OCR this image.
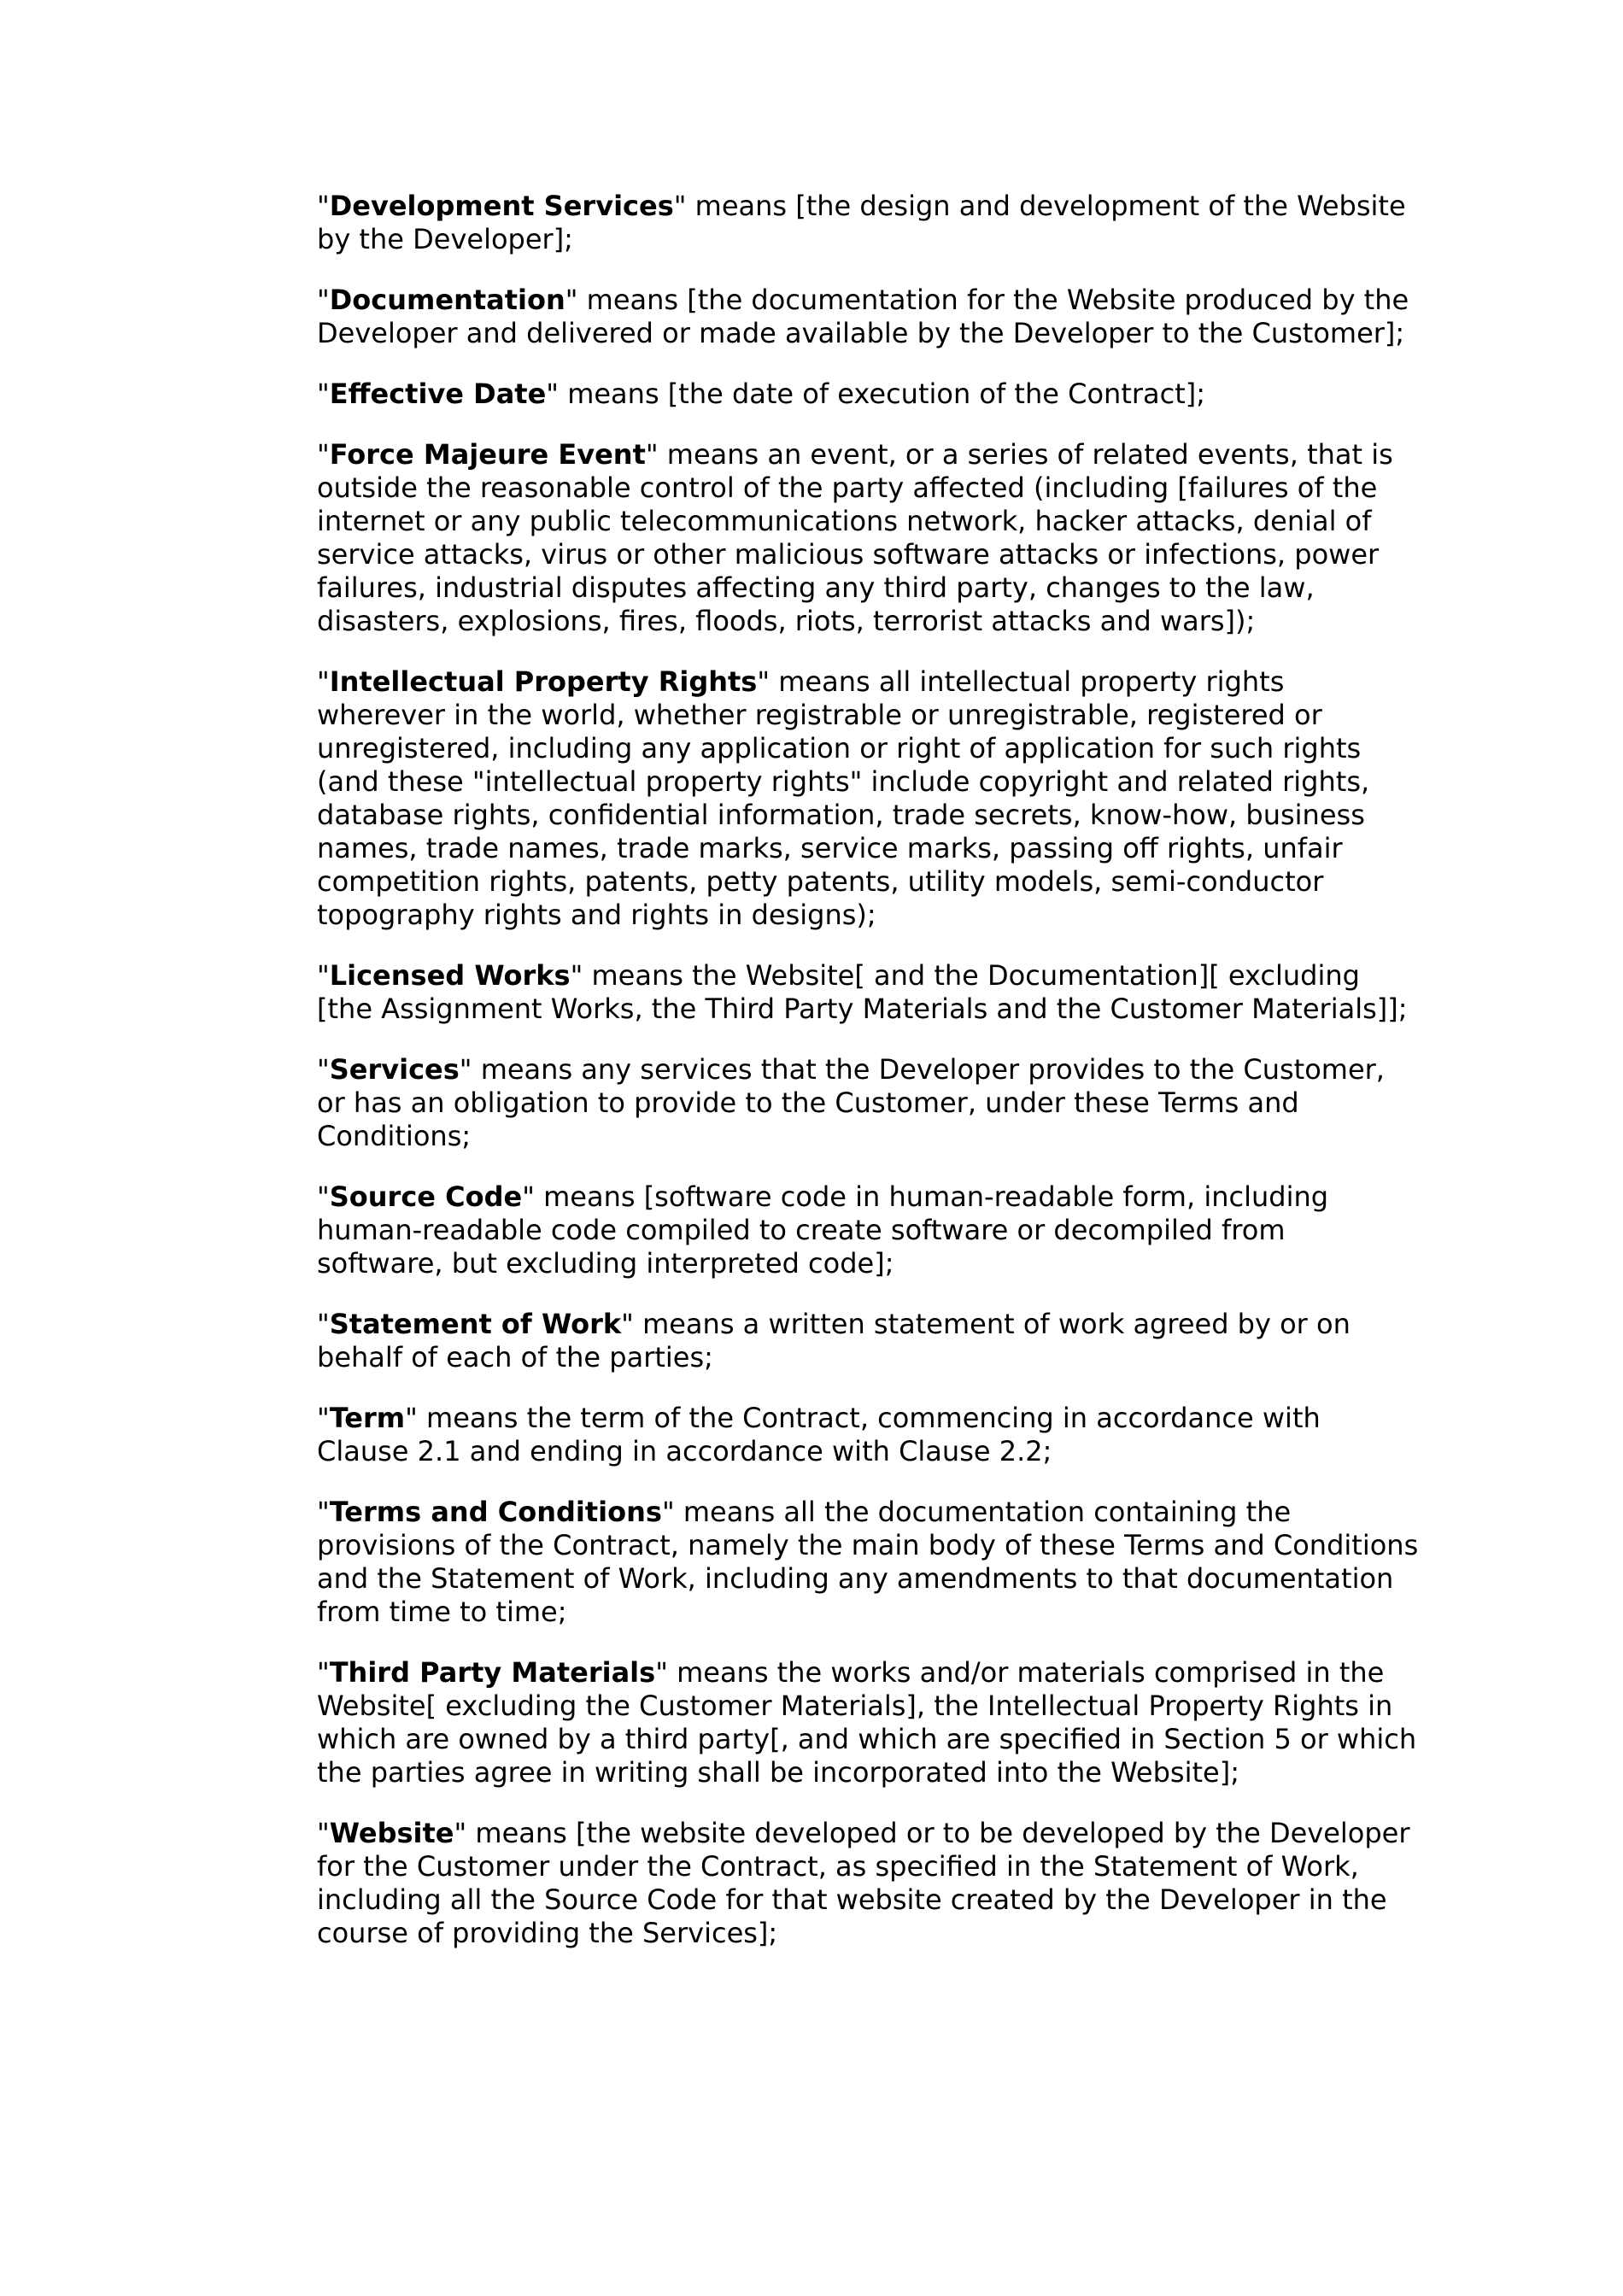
"Development Services" means [the design and development of the Website by the Developer];

"Documentation" means [the documentation for the Website produced by the Developer and delivered or made available by the Developer to the Customer];

"Effective Date" means [the date of execution of the Contract];

"Force Majeure Event" means an event, or a series of related events, that is outside the reasonable control of the party affected (including [failures of the internet or any public telecommunications network, hacker attacks, denial of service attacks, virus or other malicious software attacks or infections, power failures, industrial disputes affecting any third party, changes to the law, disasters, explosions, fires, floods, riots, terrorist attacks and wars]);

"Intellectual Property Rights" means all intellectual property rights wherever in the world, whether registrable or unregistrable, registered or unregistered, including any application or right of application for such rights (and these "intellectual property rights" include copyright and related rights, database rights, confidential information, trade secrets, know-how, business names, trade names, trade marks, service marks, passing off rights, unfair competition rights, patents, petty patents, utility models, semi-conductor topography rights and rights in designs);

"Licensed Works" means the Website[ and the Documentation][ excluding [the Assignment Works, the Third Party Materials and the Customer Materials]];

"Services" means any services that the Developer provides to the Customer, or has an obligation to provide to the Customer, under these Terms and Conditions;

"Source Code" means [software code in human-readable form, including human-readable code compiled to create software or decompiled from software, but excluding interpreted code];

"Statement of Work" means a written statement of work agreed by or on behalf of each of the parties;

"Term" means the term of the Contract, commencing in accordance with Clause 2.1 and ending in accordance with Clause 2.2;

"Terms and Conditions" means all the documentation containing the provisions of the Contract, namely the main body of these Terms and Conditions and the Statement of Work, including any amendments to that documentation from time to time;

"Third Party Materials" means the works and/or materials comprised in the Website[ excluding the Customer Materials], the Intellectual Property Rights in which are owned by a third party[, and which are specified in Section 5 or which the parties agree in writing shall be incorporated into the Website];

"Website" means [the website developed or to be developed by the Developer for the Customer under the Contract, as specified in the Statement of Work, including all the Source Code for that website created by the Developer in the course of providing the Services];
